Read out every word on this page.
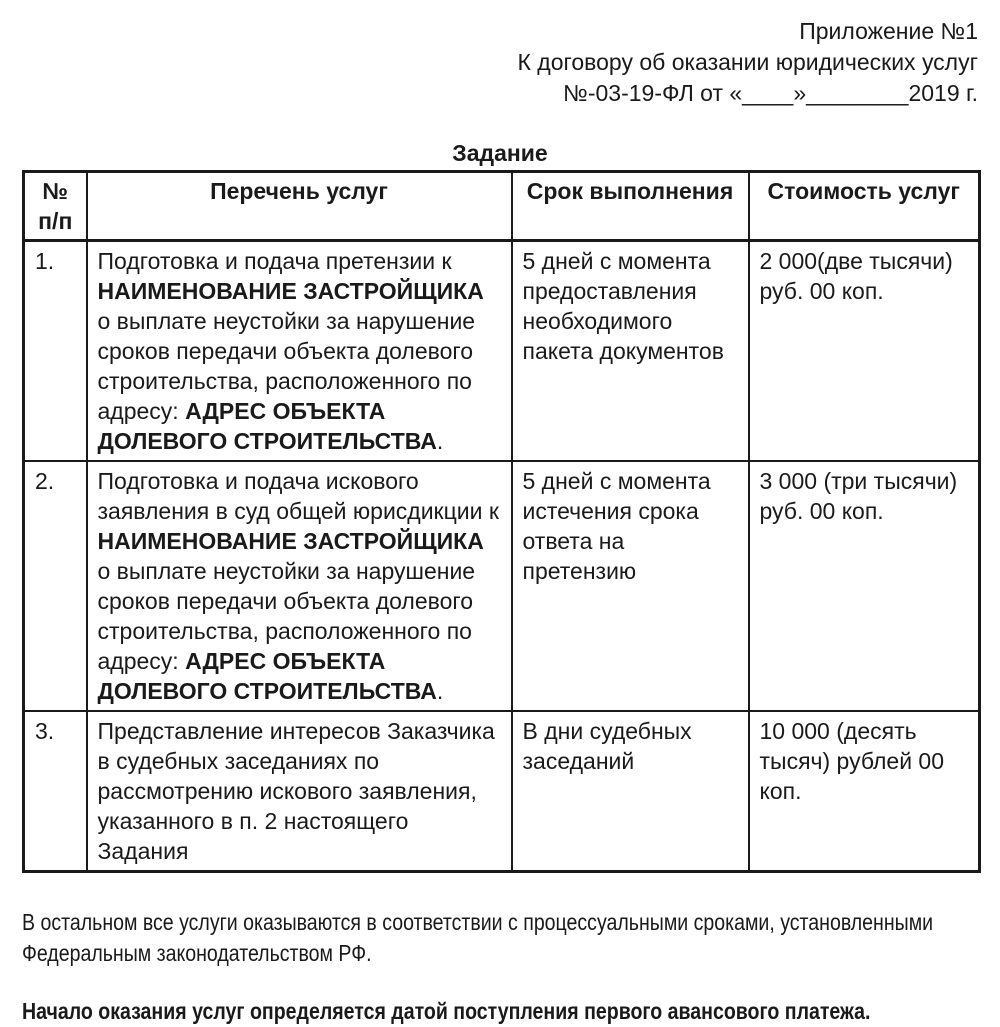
Приложение №1
К договору об оказании юридических услуг
№-03-19-ФЛ от «____»________2019 г.
Задание
№
п/п	Перечень услуг	Срок выполнения	Стоимость услуг
1.	Подготовка и подача претензии к НАИМЕНОВАНИЕ ЗАСТРОЙЩИКА о выплате неустойки за нарушение сроков передачи объекта долевого строительства, расположенного по адресу: АДРЕС ОБЪЕКТА ДОЛЕВОГО СТРОИТЕЛЬСТВА.	5 дней с момента предоставления необходимого пакета документов	2 000(две тысячи) руб. 00 коп.
2.	Подготовка и подача искового заявления в суд общей юрисдикции к НАИМЕНОВАНИЕ ЗАСТРОЙЩИКА о выплате неустойки за нарушение сроков передачи объекта долевого строительства, расположенного по адресу: АДРЕС ОБЪЕКТА ДОЛЕВОГО СТРОИТЕЛЬСТВА.	5 дней с момента истечения срока ответа на претензию	3 000 (три тысячи) руб. 00 коп.
3.	Представление интересов Заказчика в судебных заседаниях по рассмотрению искового заявления, указанного в п. 2 настоящего Задания	В дни судебных заседаний	10 000 (десять тысяч) рублей 00 коп.

В остальном все услуги оказываются в соответствии с процессуальными сроками, установленными Федеральным законодательством РФ.

Начало оказания услуг определяется датой поступления первого авансового платежа.
